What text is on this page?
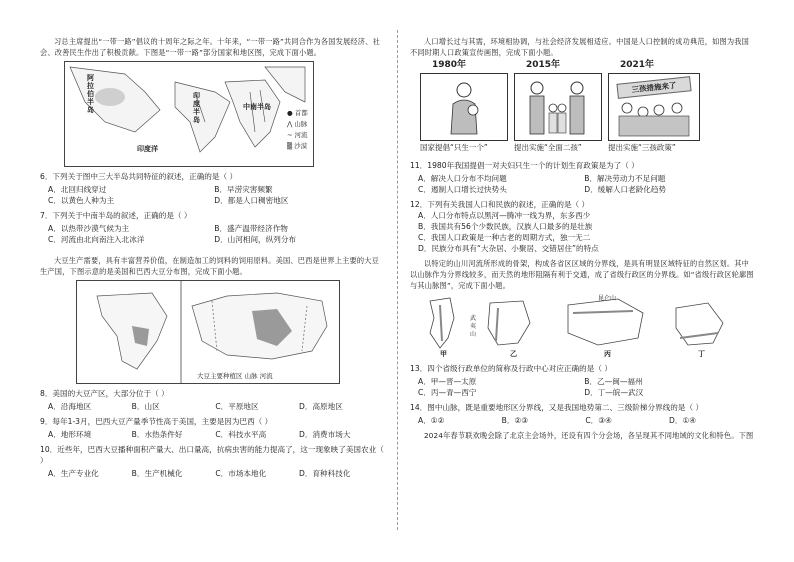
习总主席提出“一带一路”倡议的十周年之际之年。十年来，“一带一路”共同合作为各国发展经济、社会、改善民生作出了积极贡献。下图是“一带一路”部分国家和地区图，完成下面小题。

阿拉伯半岛
印度半岛
中南半岛
印度洋
● 首都
⋀ 山脉
∼ 河流
▒ 沙漠

6．下列关于图中三大半岛共同特征的叙述，正确的是（ ）

A．北回归线穿过	B．早涝灾害频繁
C．以黄色人种为主	D．都是人口稠密地区

7．下列关于中南半岛的叙述，正确的是（ ）

A．以热带沙漠气候为主	B．盛产温带经济作物
C．河流由北向南注入北冰洋	D．山河相间，纵列分布

大豆生产需要，具有丰富营养价值，在制造加工的饲料的饲用原料。美国、巴西是世界上主要的大豆生产国，下图示意的是美国和巴西大豆分布图，完成下面小题。

大豆主要种植区 山脉 河流

8．美国的大豆产区，大部分位于（ ）

A．沿海地区	B．山区	C．平原地区	D．高原地区

9．每年1-3月，巴西大豆产量季节性高于美国，主要是因为巴西（ ）

A．地形环境	B．水热条件好	C．科技水平高	D．消费市场大

10．近些年，巴西大豆播种面积产量大、出口量高，抗病虫害的能力提高了，这一现象映了美国农业（ ）

A．生产专业化	B．生产机械化	C．市场本地化	D．育种科技化

人口增长过与其需，环境相协调，与社会经济发展相适应。中国是人口控制的成功典范，如图为我国不同时期人口政策宣传画图，完成下面小题。

1980年	2015年	2021年
三孩措施来了
国家提倡“只生一个”	提出实施“全面二孩”	提出实施“三孩政策”

11．1980年我国提倡一对夫妇只生一个的计划生育政策是为了（ ）

A．解决人口分布不均问题	B．解决劳动力不足问题
C．遏制人口增长过快势头	D．缓解人口老龄化趋势

12．下列有关我国人口和民族的叙述，正确的是（ ）

A．人口分布特点以黑河—腾冲一线为界，东多西少
B．我国共有56个少数民族，汉族人口最多的是壮族
C．我国人口政策是一种古老的周期方式，独一无二
D．民族分布具有“大杂居、小聚居、交错居住”的特点

以特定的山川河流所形成的骨架，构成各省区区域的分界线，是具有明显区域特征的自然区划。其中以山脉作为分界线较多，而天然的地形阻隔有利于交通，成了省级行政区的分界线。如“省级行政区轮廓图与其山脉图”，完成下面小题。

武夷山
昆仑山
甲	乙	丙	丁

13．四个省级行政单位的简称及行政中心对应正确的是（ ）

A．甲—晋—太原	B．乙—闽—福州
C．丙—青—西宁	D．丁—皖—武汉

14．图中山脉，既是重要地形区分界线，又是我国地势第二、三级阶梯分界线的是（ ）

A．①②	B．②③	C．③④	D．①④

2024年春节联欢晚会除了北京主会场外，还设有四个分会场，各呈现其不同地域的文化和特色。下图
